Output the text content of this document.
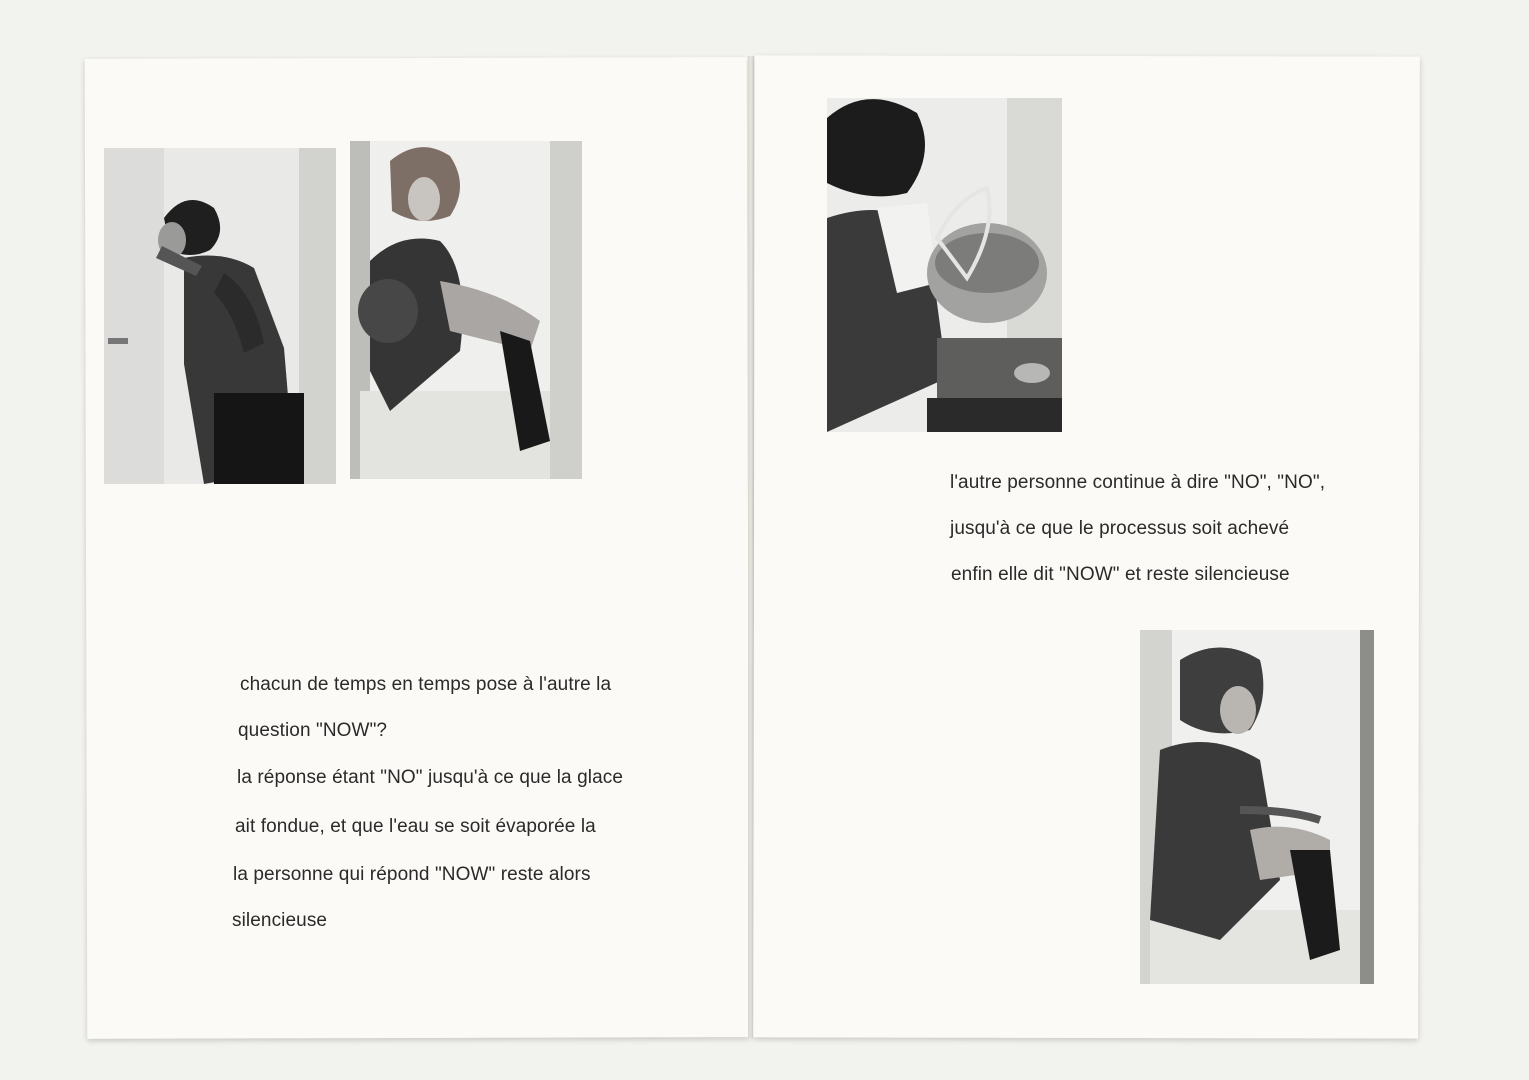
chacun de temps en temps pose à l'autre la
question "NOW"?
la réponse étant "NO" jusqu'à ce que la glace
ait fondue, et que l'eau se soit évaporée la
la personne qui répond "NOW" reste alors
silencieuse
l'autre personne continue à dire "NO", "NO",
jusqu'à ce que le processus soit achevé
enfin elle dit "NOW" et reste silencieuse
